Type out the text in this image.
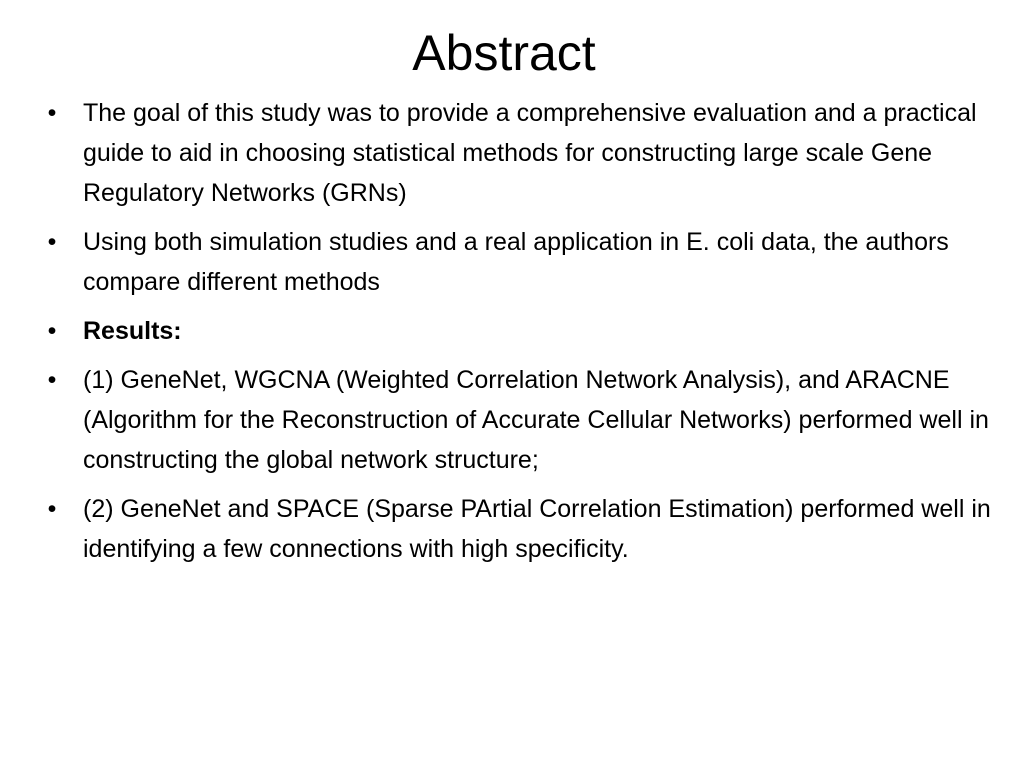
Abstract
• The goal of this study was to provide a comprehensive evaluation and a practical guide to aid in choosing statistical methods for constructing large scale Gene Regulatory Networks (GRNs)
• Using both simulation studies and a real application in E. coli data, the authors compare different methods
• Results:
• (1) GeneNet, WGCNA (Weighted Correlation Network Analysis), and ARACNE (Algorithm for the Reconstruction of Accurate Cellular Networks) performed well in constructing the global network structure;
• (2) GeneNet and SPACE (Sparse PArtial Correlation Estimation) performed well in identifying a few connections with high specificity.
